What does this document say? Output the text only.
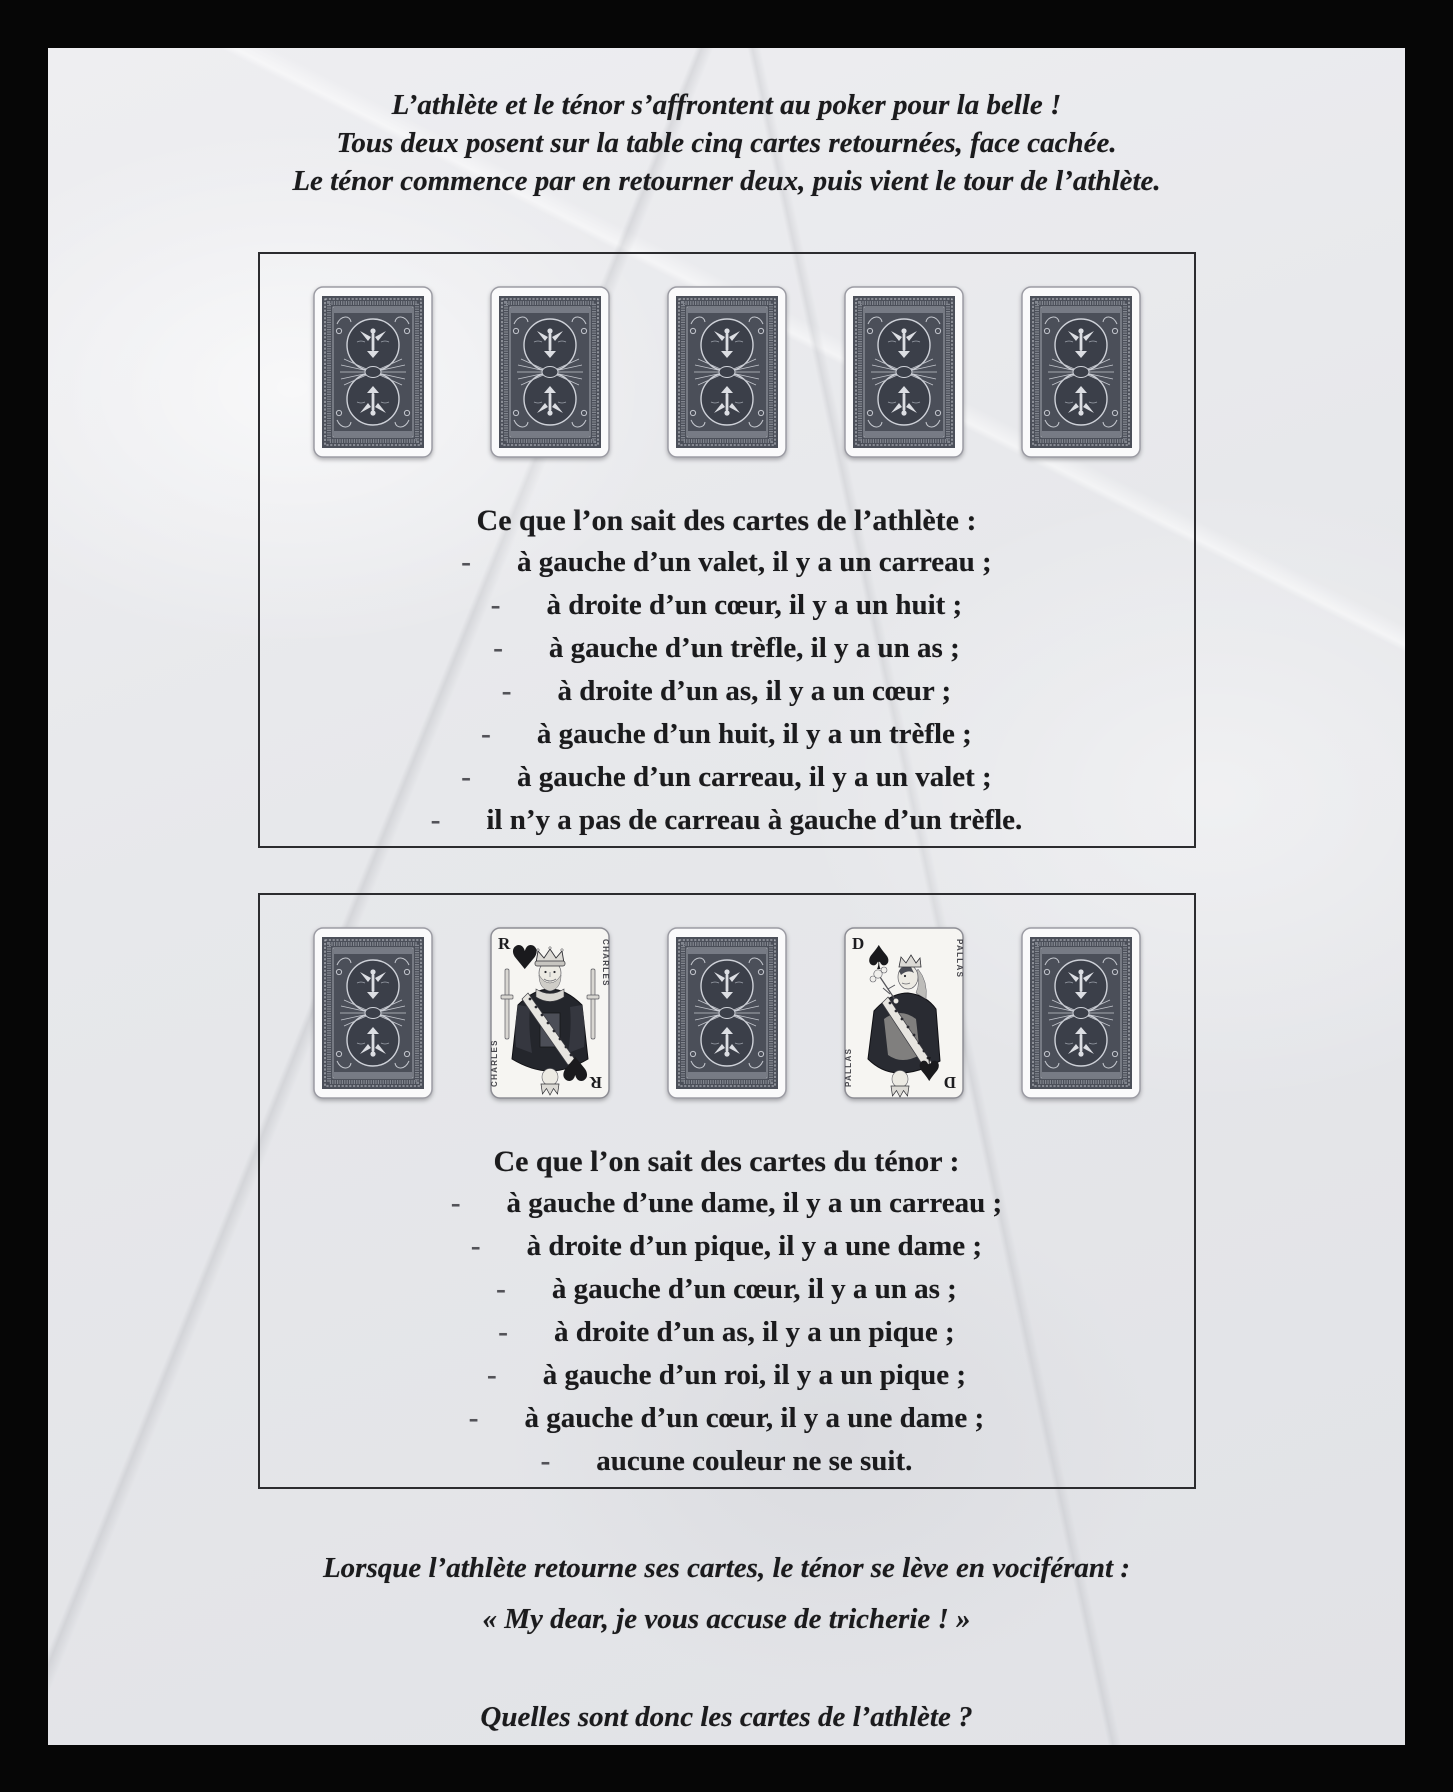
L’athlète et le ténor s’affrontent au poker pour la belle !

Tous deux posent sur la table cinq cartes retournées, face cachée.

Le ténor commence par en retourner deux, puis vient le tour de l’athlète.

Ce que l’on sait des cartes de l’athlète :
- à gauche d’un valet, il y a un carreau ;
- à droite d’un cœur, il y a un huit ;
- à gauche d’un trèfle, il y a un as ;
- à droite d’un as, il y a un cœur ;
- à gauche d’un huit, il y a un trèfle ;
- à gauche d’un carreau, il y a un valet ;
- il n’y a pas de carreau à gauche d’un trèfle.
R ♥	CHARLES
R
♥
CHARLES
D ♠	PALLAS
D
♠
PALLAS
Ce que l’on sait des cartes du ténor :
- à gauche d’une dame, il y a un carreau ;
- à droite d’un pique, il y a une dame ;
- à gauche d’un cœur, il y a un as ;
- à droite d’un as, il y a un pique ;
- à gauche d’un roi, il y a un pique ;
- à gauche d’un cœur, il y a une dame ;
- aucune couleur ne se suit.

Lorsque l’athlète retourne ses cartes, le ténor se lève en vociférant :

« My dear, je vous accuse de tricherie ! »

Quelles sont donc les cartes de l’athlète ?
